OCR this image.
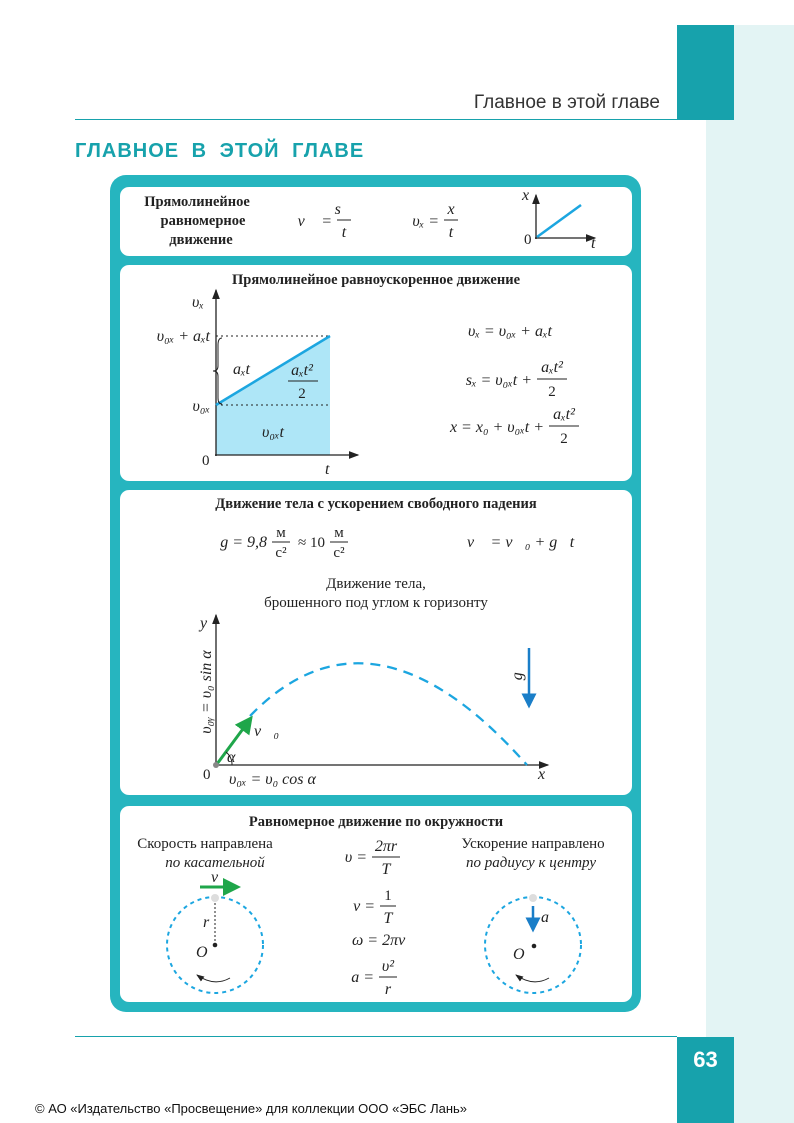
63
Главное в этой главе
ГЛАВНОЕ В ЭТОЙ ГЛАВЕ
© АО «Издательство «Просвещение» для коллекции ООО «ЭБС Лань»
Прямолинейное
равномерное
движение
v⃗ =
s⃗
t
υₓ =
x
t
x
0	t
Прямолинейное равноускоренное движение
υₓ
υ₀ₓ + aₓt
υ₀ₓ
0	t
aₓt	aₓt²
2
υ₀ₓt
υₓ = υ₀ₓ + aₓt
sₓ = υ₀ₓt +
aₓt²
2
x = x₀ + υ₀ₓt +
aₓt²
2
Движение тела с ускорением свободного падения
g = 9,8
м
с²
≈ 10
м
с²
v⃗ = v⃗₀ + g⃗t
Движение тела,
брошенного под углом к горизонту
y
x
0
υ₀ᵧ = υ₀ sin α
υ₀ₓ = υ₀ cos α
v⃗₀
α
g⃗
Равномерное движение по окружности
Скорость направлена
по касательной
Ускорение направлено
по радиусу к центру
v⃗
r
O
a⃗
O
υ =
2πr
T
ν =
1
T
ω = 2πν
a =
υ²
r
